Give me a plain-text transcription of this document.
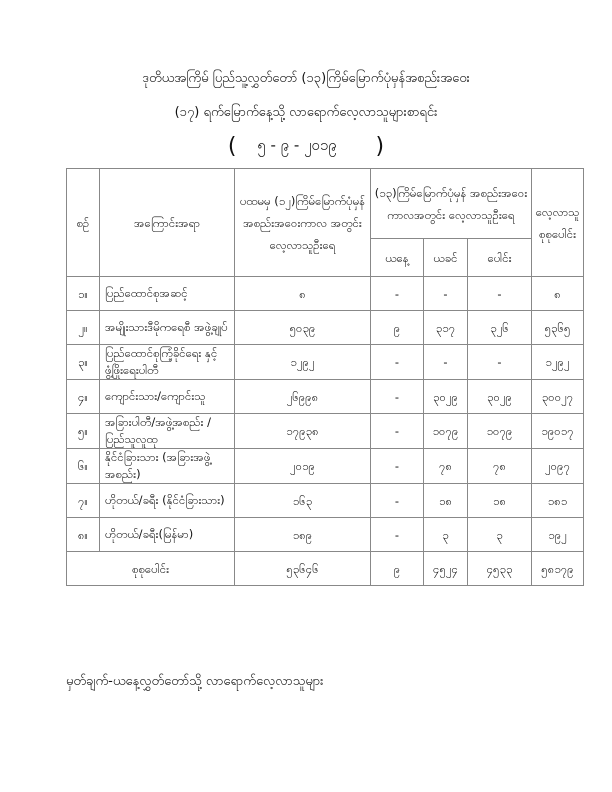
ဒုတိယအကြိမ် ပြည်သူ့လွှတ်တော် (၁၃)ကြိမ်မြောက်ပုံမှန်အစည်းအဝေး
(၁၇) ရက်မြောက်နေ့သို့ လာရောက်လေ့လာသူများစာရင်း
( ၅ - ၉ - ၂၀၁၉ )
စဉ်	အကြောင်းအရာ	ပထမမှ (၁၂)ကြိမ်မြောက်ပုံမှန် အစည်းအဝေးကာလ အတွင်းလေ့လာသူဦးရေ	(၁၃)ကြိမ်မြောက်ပုံမှန် အစည်းအဝေးကာလအတွင်း လေ့လာသူဦးရေ			လေ့လာသူ စုစုပေါင်း
			ယနေ့	ယခင်	ပေါင်း	
၁။	ပြည်ထောင်စုအဆင့်	၈	-	-	-	၈
၂။	အမျိုးသားဒီမိုကရေစီ အဖွဲ့ချုပ်	၅၀၃၉	၉	၃၁၇	၃၂၆	၅၃၆၅
၃။	ပြည်ထောင်စုကြံ့ခိုင်ရေး နှင့်ဖွံ့ဖြိုးရေးပါတီ	၁၂၉၂	-	-	-	၁၂၉၂
၄။	ကျောင်းသား/ကျောင်းသူ	၂၆၉၉၈	-	၃၀၂၉	၃၀၂၉	၃၀၀၂၇
၅။	အခြားပါတီ/အဖွဲ့အစည်း /ပြည်သူလူထု	၁၇၉၃၈	-	၁၀၇၉	၁၀၇၉	၁၉၀၁၇
၆။	နိုင်ငံခြားသား (အခြားအဖွဲ့အစည်း)	၂၀၁၉	-	၇၈	၇၈	၂၀၉၇
၇။	ဟိုတယ်/ခရီး (နိုင်ငံခြားသား)	၁၆၃	-	၁၈	၁၈	၁၈၁
၈။	ဟိုတယ်/ခရီး(မြန်မာ)	၁၈၉	-	၃	၃	၁၉၂
စုစုပေါင်း		၅၃၆၄၆	၉	၄၅၂၄	၄၅၃၃	၅၈၁၇၉
မှတ်ချက်-ယနေ့လွှတ်တော်သို့ လာရောက်လေ့လာသူများ
